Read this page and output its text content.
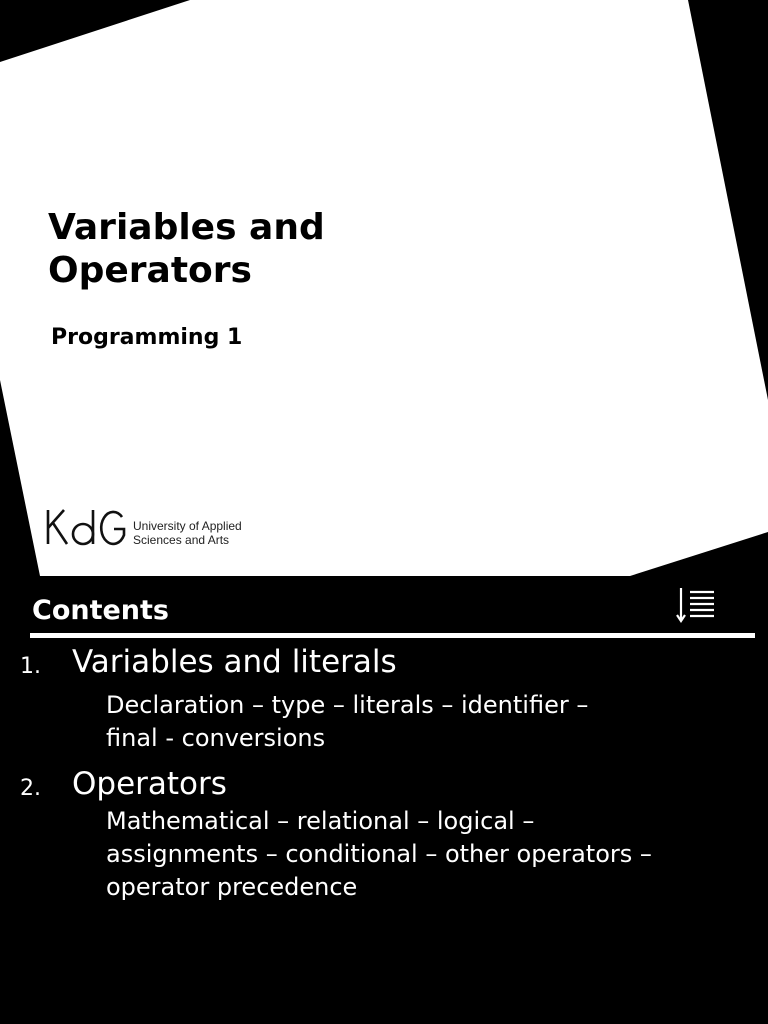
Variables and
Operators

Programming 1

University of Applied
Sciences and Arts
Contents
1. Variables and literals

Declaration – type – literals – identifier –
final - conversions

2. Operators

Mathematical – relational – logical –
assignments – conditional – other operators –
operator precedence
